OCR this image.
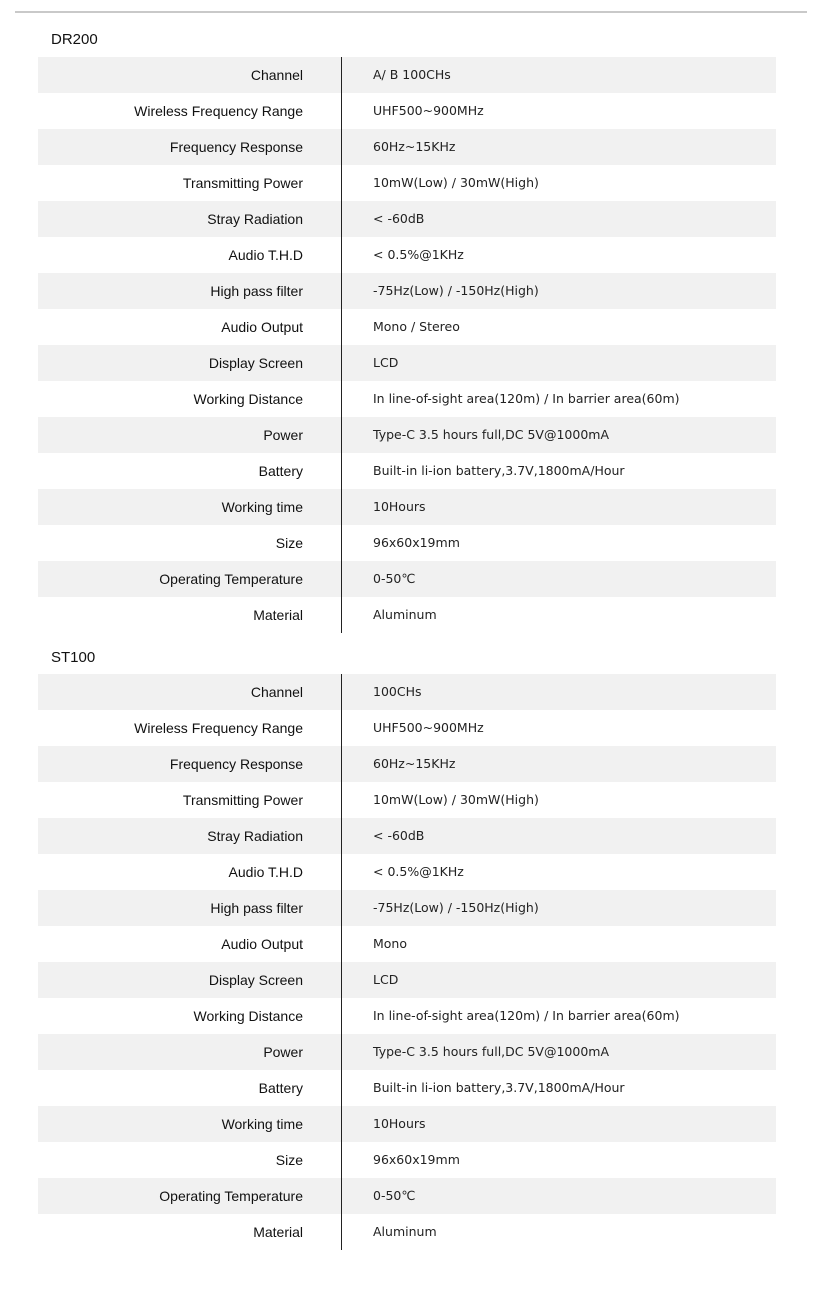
DR200
Channel	A/ B 100CHs
Wireless Frequency Range	UHF500~900MHz
Frequency Response	60Hz~15KHz
Transmitting Power	10mW(Low) / 30mW(High)
Stray Radiation	< -60dB
Audio T.H.D	< 0.5%@1KHz
High pass filter	-75Hz(Low) / -150Hz(High)
Audio Output	Mono / Stereo
Display Screen	LCD
Working Distance	In line-of-sight area(120m) / In barrier area(60m)
Power	Type-C 3.5 hours full,DC 5V@1000mA
Battery	Built-in li-ion battery,3.7V,1800mA/Hour
Working time	10Hours
Size	96x60x19mm
Operating Temperature	0-50℃
Material	Aluminum
ST100
Channel	100CHs
Wireless Frequency Range	UHF500~900MHz
Frequency Response	60Hz~15KHz
Transmitting Power	10mW(Low) / 30mW(High)
Stray Radiation	< -60dB
Audio T.H.D	< 0.5%@1KHz
High pass filter	-75Hz(Low) / -150Hz(High)
Audio Output	Mono
Display Screen	LCD
Working Distance	In line-of-sight area(120m) / In barrier area(60m)
Power	Type-C 3.5 hours full,DC 5V@1000mA
Battery	Built-in li-ion battery,3.7V,1800mA/Hour
Working time	10Hours
Size	96x60x19mm
Operating Temperature	0-50℃
Material	Aluminum
